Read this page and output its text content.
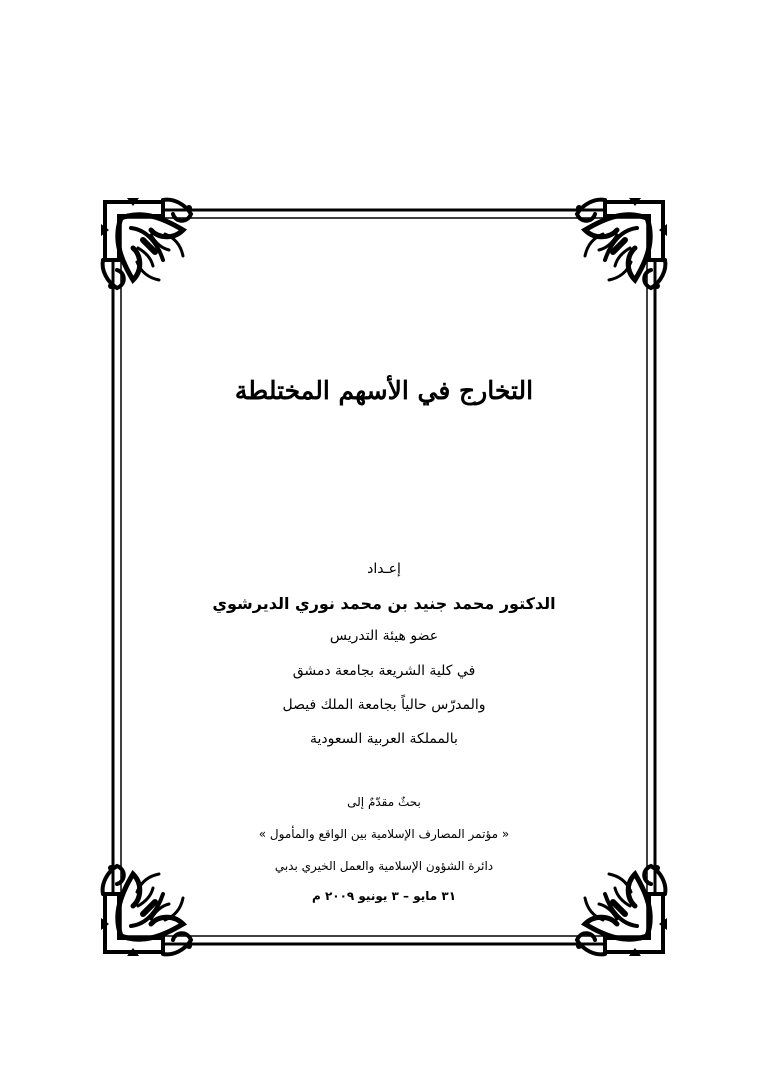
التخارج في الأسهم المختلطة
إعـداد
الدكتور محمد جنيد بن محمد نوري الديرشوي
عضو هيئة التدريس
في كلية الشريعة بجامعة دمشق
والمدرّس حالياً بجامعة الملك فيصل
بالمملكة العربية السعودية
بحثٌ مقدّمٌ إلى
« مؤتمر المصارف الإسلامية بين الواقع والمأمول »
دائرة الشؤون الإسلامية والعمل الخيري بدبي
٣١ مايو – ٣ يونيو ٢٠٠٩ م
